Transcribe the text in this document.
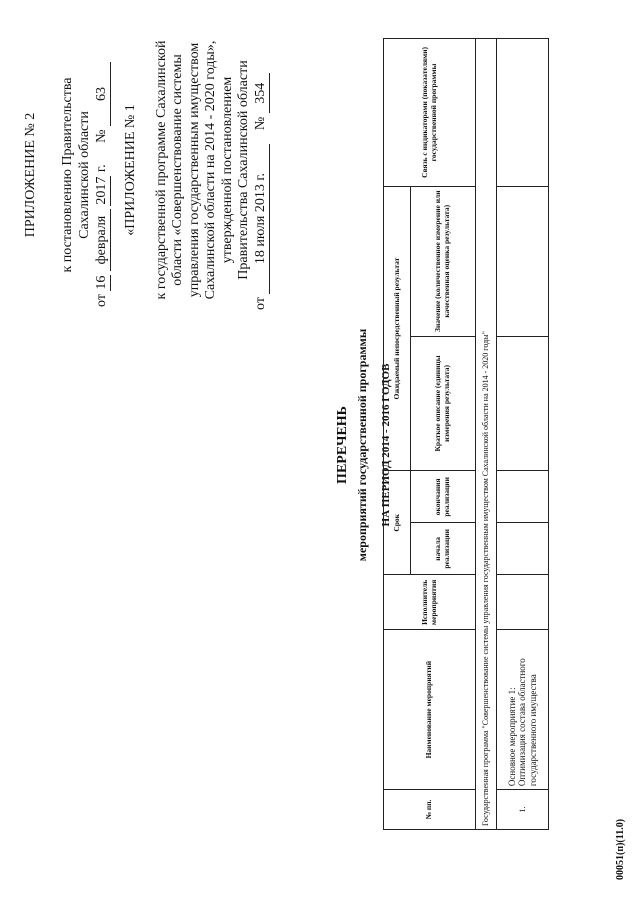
ПРИЛОЖЕНИЕ № 2 к постановлению Правительства Сахалинской области
от 16 февраля 2017 г. № 63
«ПРИЛОЖЕНИЕ № 1 к государственной программе Сахалинской области «Совершенствование системы управления государственным имуществом Сахалинской области на 2014 - 2020 годы», утвержденной постановлением Правительства Сахалинской области
от 18 июля 2013 г. № 354
ПЕРЕЧЕНЬ мероприятий государственной программы НА ПЕРИОД 2014 - 2016 ГОДОВ
№ пп.	Наименование мероприятий	Исполнитель мероприятия	Срок		Ожидаемый непосредственный результат		Связь с индикаторами (показателями) государственной программы
			начала реализации	окончания реализации	Краткое описание (единицы измерения результата)	Значение (количественное измерение или качественная оценка результата)	

Государственная программа "Совершенствование системы управления государственным имуществом Сахалинской области на 2014 - 2020 годы"							
1.	Основное мероприятие 1: Оптимизация состава областного государственного имущества						
00051(п)(11.0)
